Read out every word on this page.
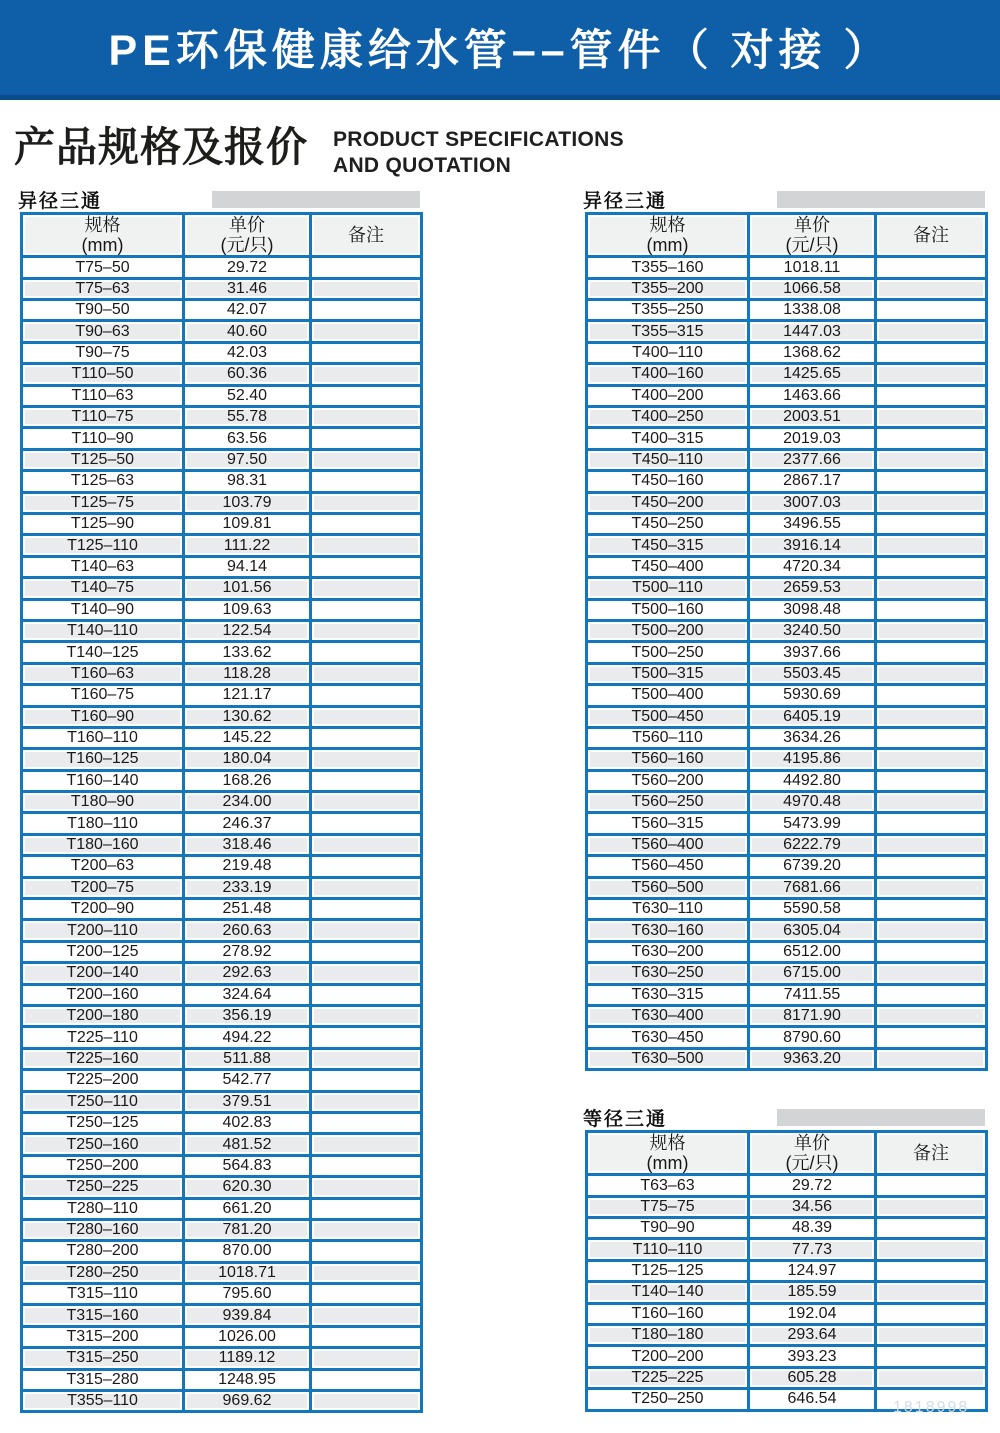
PE环保健康给水管––管件（ 对接 ）
产品规格及报价 PRODUCT SPECIFICATIONS
AND QUOTATION
异径三通
规格
(mm)

单价
(元/只)

备注

T75–50	29.72	
T75–63	31.46	
T90–50	42.07	
T90–63	40.60	
T90–75	42.03	
T110–50	60.36	
T110–63	52.40	
T110–75	55.78	
T110–90	63.56	
T125–50	97.50	
T125–63	98.31	
T125–75	103.79	
T125–90	109.81	
T125–110	111.22	
T140–63	94.14	
T140–75	101.56	
T140–90	109.63	
T140–110	122.54	
T140–125	133.62	
T160–63	118.28	
T160–75	121.17	
T160–90	130.62	
T160–110	145.22	
T160–125	180.04	
T160–140	168.26	
T180–90	234.00	
T180–110	246.37	
T180–160	318.46	
T200–63	219.48	
T200–75	233.19	
T200–90	251.48	
T200–110	260.63	
T200–125	278.92	
T200–140	292.63	
T200–160	324.64	
T200–180	356.19	
T225–110	494.22	
T225–160	511.88	
T225–200	542.77	
T250–110	379.51	
T250–125	402.83	
T250–160	481.52	
T250–200	564.83	
T250–225	620.30	
T280–110	661.20	
T280–160	781.20	
T280–200	870.00	
T280–250	1018.71	
T315–110	795.60	
T315–160	939.84	
T315–200	1026.00	
T315–250	1189.12	
T315–280	1248.95	
T355–110	969.62	
异径三通
规格
(mm)

单价
(元/只)

备注

T355–160	1018.11	
T355–200	1066.58	
T355–250	1338.08	
T355–315	1447.03	
T400–110	1368.62	
T400–160	1425.65	
T400–200	1463.66	
T400–250	2003.51	
T400–315	2019.03	
T450–110	2377.66	
T450–160	2867.17	
T450–200	3007.03	
T450–250	3496.55	
T450–315	3916.14	
T450–400	4720.34	
T500–110	2659.53	
T500–160	3098.48	
T500–200	3240.50	
T500–250	3937.66	
T500–315	5503.45	
T500–400	5930.69	
T500–450	6405.19	
T560–110	3634.26	
T560–160	4195.86	
T560–200	4492.80	
T560–250	4970.48	
T560–315	5473.99	
T560–400	6222.79	
T560–450	6739.20	
T560–500	7681.66	
T630–110	5590.58	
T630–160	6305.04	
T630–200	6512.00	
T630–250	6715.00	
T630–315	7411.55	
T630–400	8171.90	
T630–450	8790.60	
T630–500	9363.20	
等径三通
规格
(mm)

单价
(元/只)

备注

T63–63	29.72	
T75–75	34.56	
T90–90	48.39	
T110–110	77.73	
T125–125	124.97	
T140–140	185.59	
T160–160	192.04	
T180–180	293.64	
T200–200	393.23	
T225–225	605.28	
T250–250	646.54	
1818998
